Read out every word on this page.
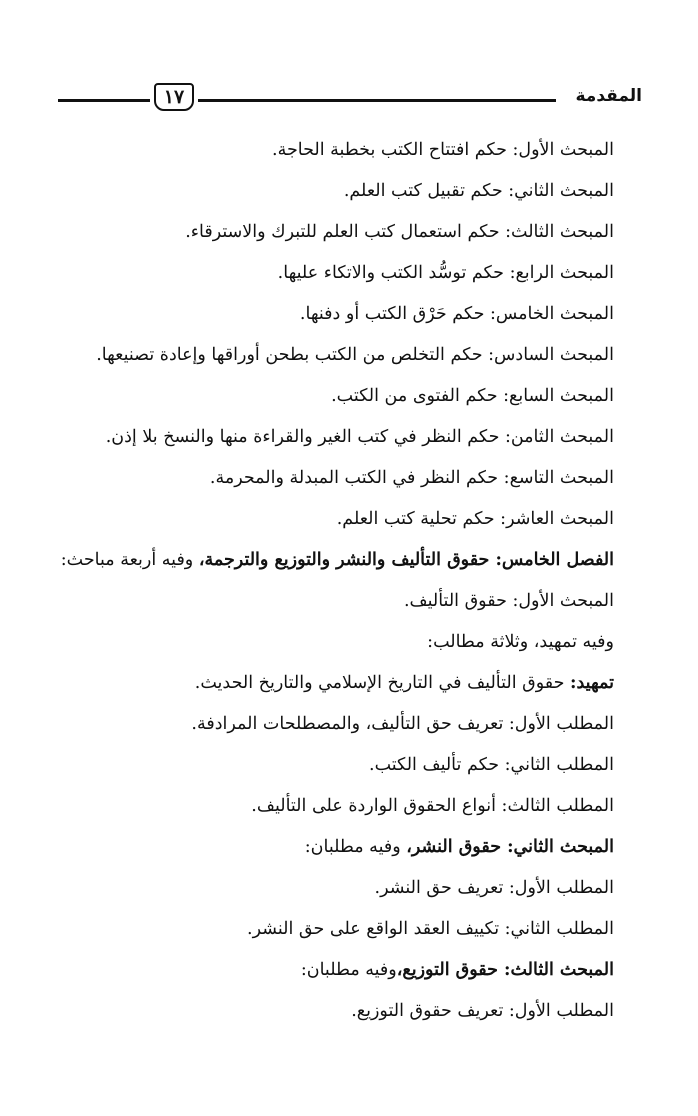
المقدمة
١٧
المبحث الأول: حكم افتتاح الكتب بخطبة الحاجة.
المبحث الثاني: حكم تقبيل كتب العلم.
المبحث الثالث: حكم استعمال كتب العلم للتبرك والاسترقاء.
المبحث الرابع: حكم توسُّد الكتب والاتكاء عليها.
المبحث الخامس: حكم حَرْق الكتب أو دفنها.
المبحث السادس: حكم التخلص من الكتب بطحن أوراقها وإعادة تصنيعها.
المبحث السابع: حكم الفتوى من الكتب.
المبحث الثامن: حكم النظر في كتب الغير والقراءة منها والنسخ بلا إذن.
المبحث التاسع: حكم النظر في الكتب المبدلة والمحرمة.
المبحث العاشر: حكم تحلية كتب العلم.
الفصل الخامس: حقوق التأليف والنشر والتوزيع والترجمة، وفيه أربعة مباحث:
المبحث الأول: حقوق التأليف.
وفيه تمهيد، وثلاثة مطالب:
تمهيد: حقوق التأليف في التاريخ الإسلامي والتاريخ الحديث.
المطلب الأول: تعريف حق التأليف، والمصطلحات المرادفة.
المطلب الثاني: حكم تأليف الكتب.
المطلب الثالث: أنواع الحقوق الواردة على التأليف.
المبحث الثاني: حقوق النشر، وفيه مطلبان:
المطلب الأول: تعريف حق النشر.
المطلب الثاني: تكييف العقد الواقع على حق النشر.
المبحث الثالث: حقوق التوزيع،وفيه مطلبان:
المطلب الأول: تعريف حقوق التوزيع.
